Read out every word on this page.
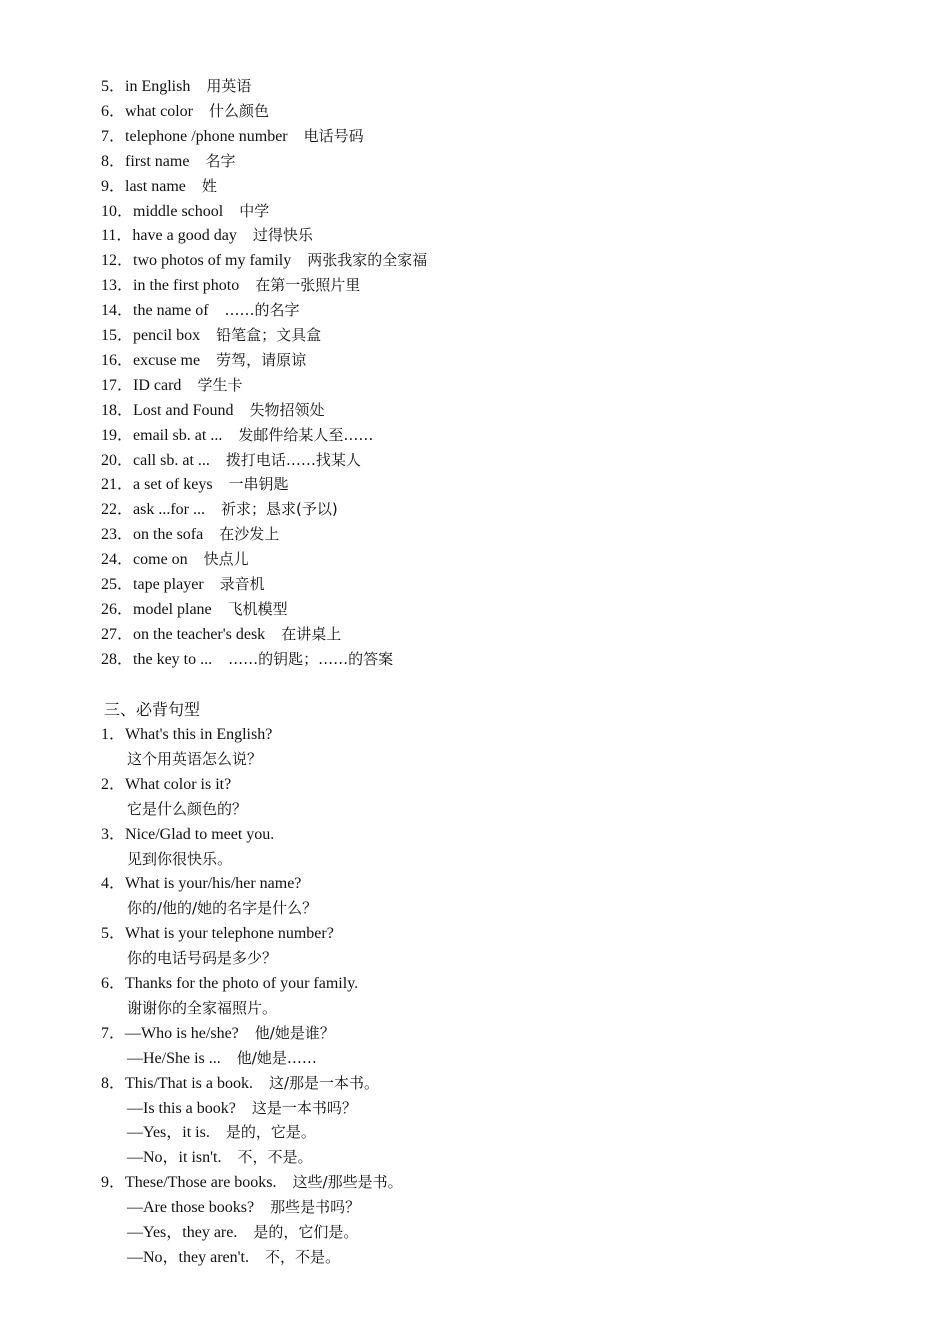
5．in English 用英语
6．what color 什么颜色
7．telephone /phone number 电话号码
8．first name 名字
9．last name 姓
10．middle school 中学
11．have a good day 过得快乐
12．two photos of my family 两张我家的全家福
13．in the first photo 在第一张照片里
14．the name of ……的名字
15．pencil box 铅笔盒；文具盒
16．excuse me 劳驾，请原谅
17．ID card 学生卡
18．Lost and Found 失物招领处
19．email sb. at ... 发邮件给某人至……
20．call sb. at ... 拨打电话……找某人
21．a set of keys 一串钥匙
22．ask ...for ... 祈求；恳求(予以)
23．on the sofa 在沙发上
24．come on 快点儿
25．tape player 录音机
26．model plane 飞机模型
27．on the teacher's desk 在讲桌上
28．the key to ... ……的钥匙；……的答案
三、必背句型
1．What's this in English?
这个用英语怎么说？
2．What color is it?
它是什么颜色的？
3．Nice/Glad to meet you.
见到你很快乐。
4．What is your/his/her name?
你的/他的/她的名字是什么？
5．What is your telephone number?
你的电话号码是多少？
6．Thanks for the photo of your family.
谢谢你的全家福照片。
7．—Who is he/she? 他/她是谁？
—He/She is ... 他/她是……
8．This/That is a book. 这/那是一本书。
—Is this a book? 这是一本书吗？
—Yes，it is. 是的，它是。
—No，it isn't. 不，不是。
9．These/Those are books. 这些/那些是书。
—Are those books? 那些是书吗？
—Yes，they are. 是的，它们是。
—No，they aren't. 不，不是。
